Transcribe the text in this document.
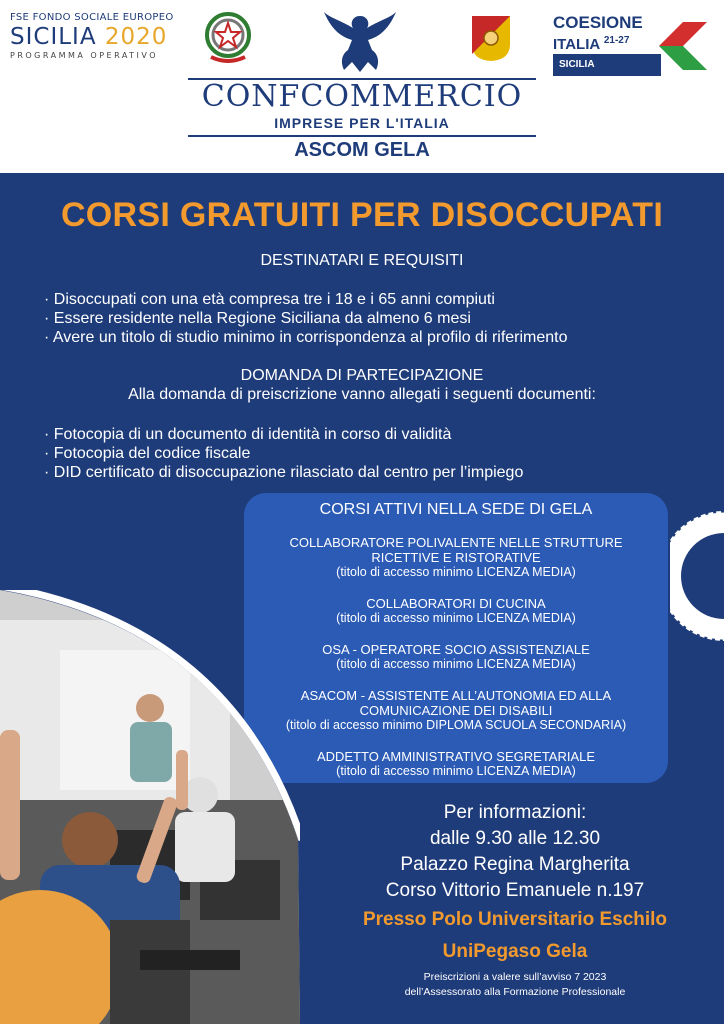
FSE FONDO SOCIALE EUROPEO
SICILIA 2020
PROGRAMMA OPERATIVO
COESIONE
ITALIA $^{21-27}$
SICILIA
CONFCOMMERCIO
IMPRESE PER L'ITALIA
ASCOM GELA
CORSI GRATUITI PER DISOCCUPATI
DESTINATARI E REQUISITI
· Disoccupati con una età compresa tre i 18 e i 65 anni compiuti
· Essere residente nella Regione Siciliana da almeno 6 mesi
· Avere un titolo di studio minimo in corrispondenza al profilo di riferimento
DOMANDA DI PARTECIPAZIONE
Alla domanda di preiscrizione vanno allegati i seguenti documenti:
· Fotocopia di un documento di identità in corso di validità
· Fotocopia del codice fiscale
· DID certificato di disoccupazione rilasciato dal centro per l’impiego
CORSI ATTIVI NELLA SEDE DI GELA
COLLABORATORE POLIVALENTE NELLE STRUTTURE
RICETTIVE E RISTORATIVE
(titolo di accesso minimo LICENZA MEDIA)
COLLABORATORI DI CUCINA
(titolo di accesso minimo LICENZA MEDIA)
OSA - OPERATORE SOCIO ASSISTENZIALE
(titolo di accesso minimo LICENZA MEDIA)
ASACOM - ASSISTENTE ALL’AUTONOMIA ED ALLA
COMUNICAZIONE DEI DISABILI
(titolo di accesso minimo DIPLOMA SCUOLA SECONDARIA)
ADDETTO AMMINISTRATIVO SEGRETARIALE
(titolo di accesso minimo LICENZA MEDIA)
Per informazioni:
dalle 9.30 alle 12.30
Palazzo Regina Margherita
Corso Vittorio Emanuele n.197
Presso Polo Universitario Eschilo
UniPegaso Gela
Preiscrizioni a valere sull’avviso 7 2023
dell’Assessorato alla Formazione Professionale
